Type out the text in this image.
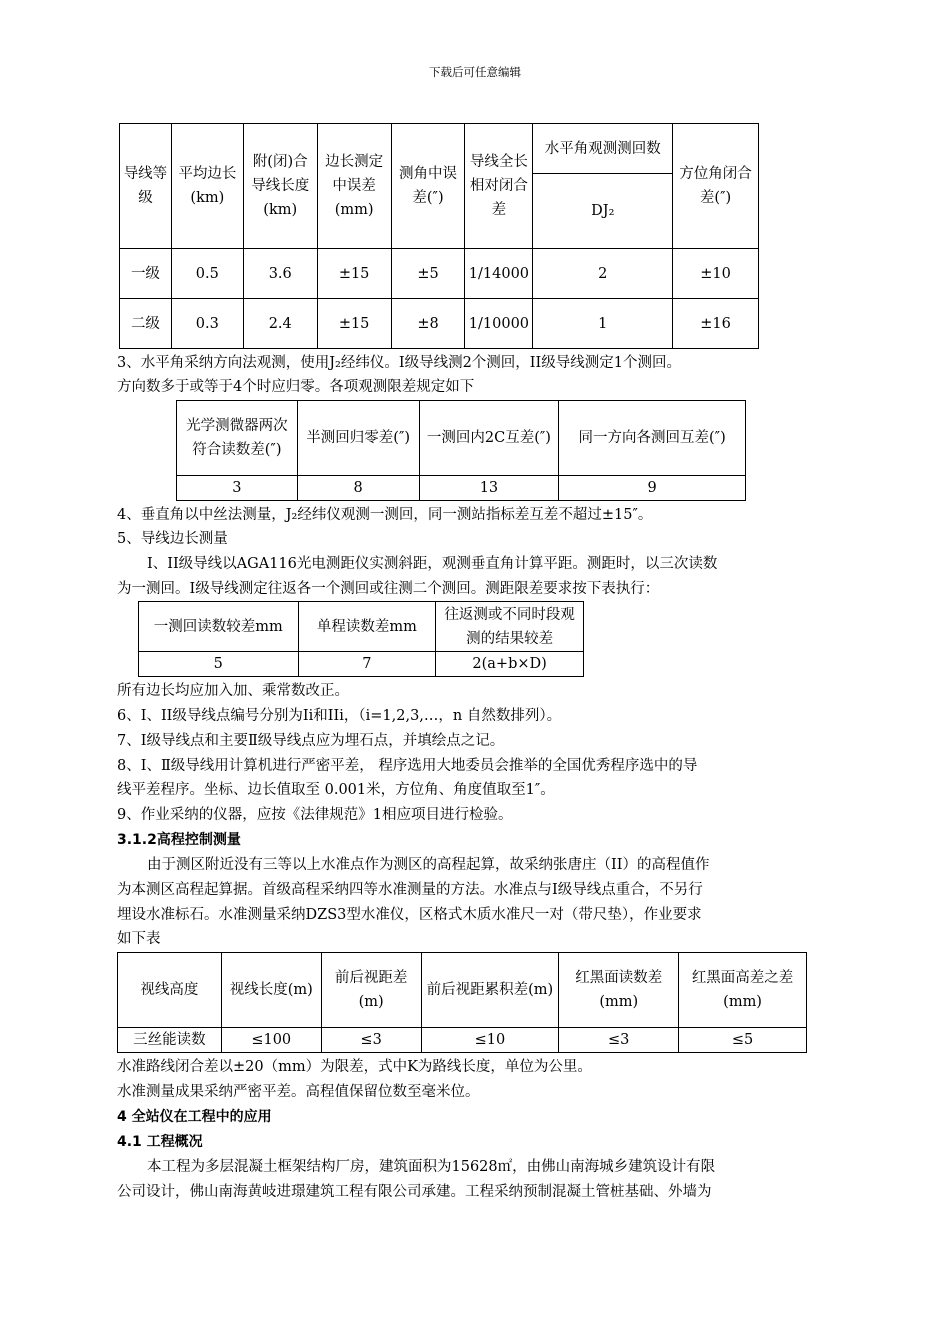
下载后可任意编辑
导线等级	平均边长(km)	附(闭)合导线长度(km)	边长测定中误差(mm)	测角中误差(″)	导线全长相对闭合差	水平角观测测回数	方位角闭合差(″)
						DJ₂	
一级	0.5	3.6	±15	±5	1/14000	2	±10
二级	0.3	2.4	±15	±8	1/10000	1	±16
3、水平角采纳方向法观测，使用J₂经纬仪。I级导线测2个测回，II级导线测定1个测回。
方向数多于或等于4个时应归零。各项观测限差规定如下
光学测微器两次符合读数差(″)	半测回归零差(″)	一测回内2C互差(″)	同一方向各测回互差(″)
3	8	13	9
4、垂直角以中丝法测量，J₂经纬仪观测一测回，同一测站指标差互差不超过±15″。
5、导线边长测量
I、II级导线以AGA116光电测距仪实测斜距，观测垂直角计算平距。测距时，以三次读数
为一测回。I级导线测定往返各一个测回或往测二个测回。测距限差要求按下表执行：
一测回读数较差mm	单程读数差mm	往返测或不同时段观测的结果较差
5	7	2(a+b×D)
所有边长均应加入加、乘常数改正。
6、Ⅰ、II级导线点编号分别为Ii和IIi，（i=1,2,3,…，n 自然数排列）。
7、Ⅰ级导线点和主要Ⅱ级导线点应为埋石点，并填绘点之记。
8、Ⅰ、Ⅱ级导线用计算机进行严密平差， 程序选用大地委员会推举的全国优秀程序选中的导
线平差程序。坐标、边长值取至 0.001米，方位角、角度值取至1″。
9、作业采纳的仪器，应按《法律规范》1相应项目进行检验。
3.1.2高程控制测量
由于测区附近没有三等以上水准点作为测区的高程起算，故采纳张唐庄（II）的高程值作
为本测区高程起算据。首级高程采纳四等水准测量的方法。水准点与Ⅰ级导线点重合，不另行
埋设水准标石。水准测量采纳DZS3型水准仪，区格式木质水准尺一对（带尺垫），作业要求
如下表
视线高度	视线长度(m)	前后视距差(m)	前后视距累积差(m)	红黑面读数差(mm)	红黑面高差之差(mm)
三丝能读数	≤100	≤3	≤10	≤3	≤5
水准路线闭合差以±20（mm）为限差，式中K为路线长度，单位为公里。
水准测量成果采纳严密平差。高程值保留位数至毫米位。
4 全站仪在工程中的应用
4.1 工程概况
本工程为多层混凝土框架结构厂房，建筑面积为15628㎡，由佛山南海城乡建筑设计有限
公司设计，佛山南海黄岐进璟建筑工程有限公司承建。工程采纳预制混凝土管桩基础、外墙为
